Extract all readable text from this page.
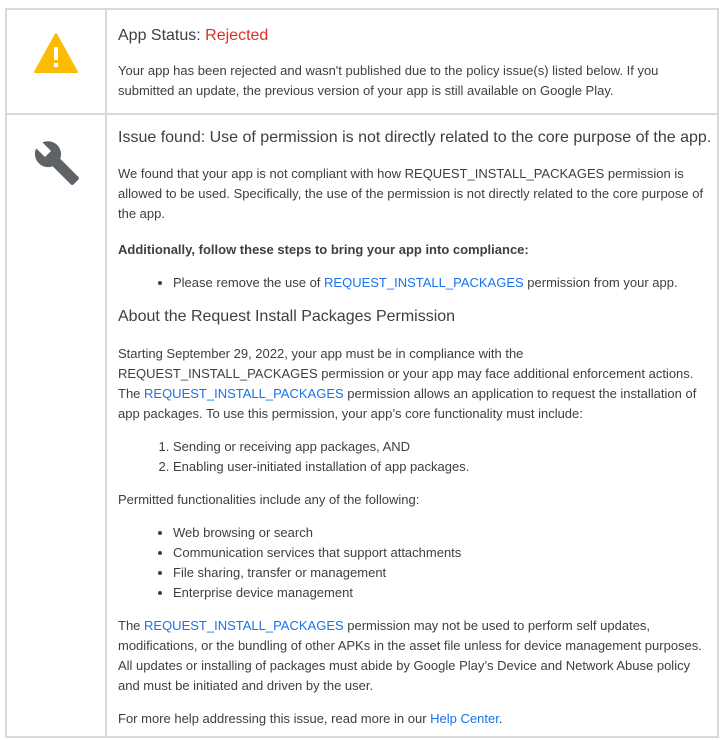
App Status: Rejected
Your app has been rejected and wasn't published due to the policy issue(s) listed below. If you submitted an update, the previous version of your app is still available on Google Play.
Issue found: Use of permission is not directly related to the core purpose of the app.
We found that your app is not compliant with how REQUEST_INSTALL_PACKAGES permission is allowed to be used. Specifically, the use of the permission is not directly related to the core purpose of the app.
Additionally, follow these steps to bring your app into compliance:
• Please remove the use of REQUEST_INSTALL_PACKAGES permission from your app.
About the Request Install Packages Permission
Starting September 29, 2022, your app must be in compliance with the REQUEST_INSTALL_PACKAGES permission or your app may face additional enforcement actions. The REQUEST_INSTALL_PACKAGES permission allows an application to request the installation of app packages. To use this permission, your app’s core functionality must include:
1. Sending or receiving app packages, AND
2. Enabling user-initiated installation of app packages.
Permitted functionalities include any of the following:
• Web browsing or search
• Communication services that support attachments
• File sharing, transfer or management
• Enterprise device management
The REQUEST_INSTALL_PACKAGES permission may not be used to perform self updates, modifications, or the bundling of other APKs in the asset file unless for device management purposes. All updates or installing of packages must abide by Google Play’s Device and Network Abuse policy and must be initiated and driven by the user.
For more help addressing this issue, read more in our Help Center.
